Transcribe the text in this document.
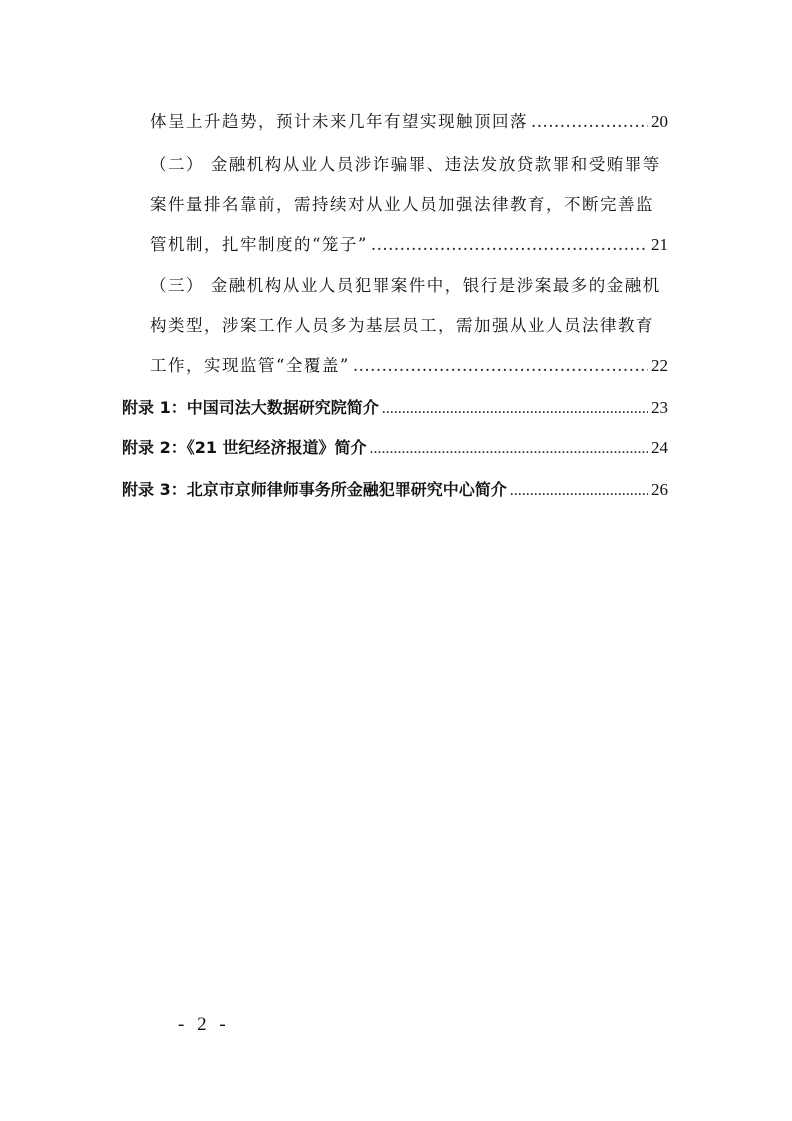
体呈上升趋势，预计未来几年有望实现触顶回落 .....	20
（二） 金融机构从业人员涉诈骗罪、违法发放贷款罪和受贿罪等
案件量排名靠前，需持续对从业人员加强法律教育，不断完善监
管机制，扎牢制度的“笼子” .....	21
（三） 金融机构从业人员犯罪案件中，银行是涉案最多的金融机
构类型，涉案工作人员多为基层员工，需加强从业人员法律教育
工作，实现监管“全覆盖” .....	22
附录 1：中国司法大数据研究院简介 .....	23
附录 2：《21 世纪经济报道》简介 .....	24
附录 3：北京市京师律师事务所金融犯罪研究中心简介 .....	26
- 2 -
